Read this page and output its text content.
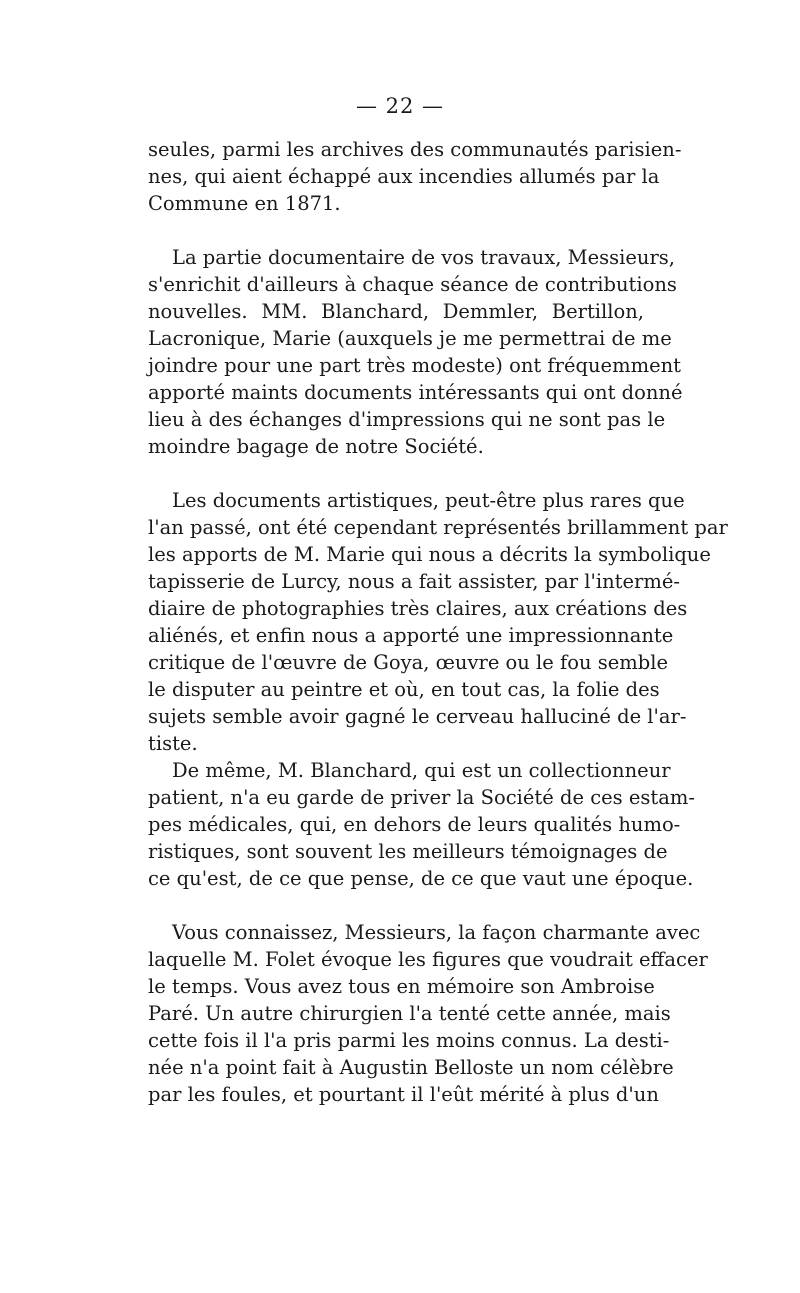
— 22 —
seules, parmi les archives des communautés parisien-
nes, qui aient échappé aux incendies allumés par la
Commune en 1871.
La partie documentaire de vos travaux, Messieurs,
s'enrichit d'ailleurs à chaque séance de contributions
nouvelles. MM. Blanchard, Demmler, Bertillon,
Lacronique, Marie (auxquels je me permettrai de me
joindre pour une part très modeste) ont fréquemment
apporté maints documents intéressants qui ont donné
lieu à des échanges d'impressions qui ne sont pas le
moindre bagage de notre Société.
Les documents artistiques, peut-être plus rares que
l'an passé, ont été cependant représentés brillamment par
les apports de M. Marie qui nous a décrits la symbolique
tapisserie de Lurcy, nous a fait assister, par l'intermé-
diaire de photographies très claires, aux créations des
aliénés, et enfin nous a apporté une impressionnante
critique de l'œuvre de Goya, œuvre ou le fou semble
le disputer au peintre et où, en tout cas, la folie des
sujets semble avoir gagné le cerveau halluciné de l'ar-
tiste.
De même, M. Blanchard, qui est un collectionneur
patient, n'a eu garde de priver la Société de ces estam-
pes médicales, qui, en dehors de leurs qualités humo-
ristiques, sont souvent les meilleurs témoignages de
ce qu'est, de ce que pense, de ce que vaut une époque.
Vous connaissez, Messieurs, la façon charmante avec
laquelle M. Folet évoque les figures que voudrait effacer
le temps. Vous avez tous en mémoire son Ambroise
Paré. Un autre chirurgien l'a tenté cette année, mais
cette fois il l'a pris parmi les moins connus. La desti-
née n'a point fait à Augustin Belloste un nom célèbre
par les foules, et pourtant il l'eût mérité à plus d'un
